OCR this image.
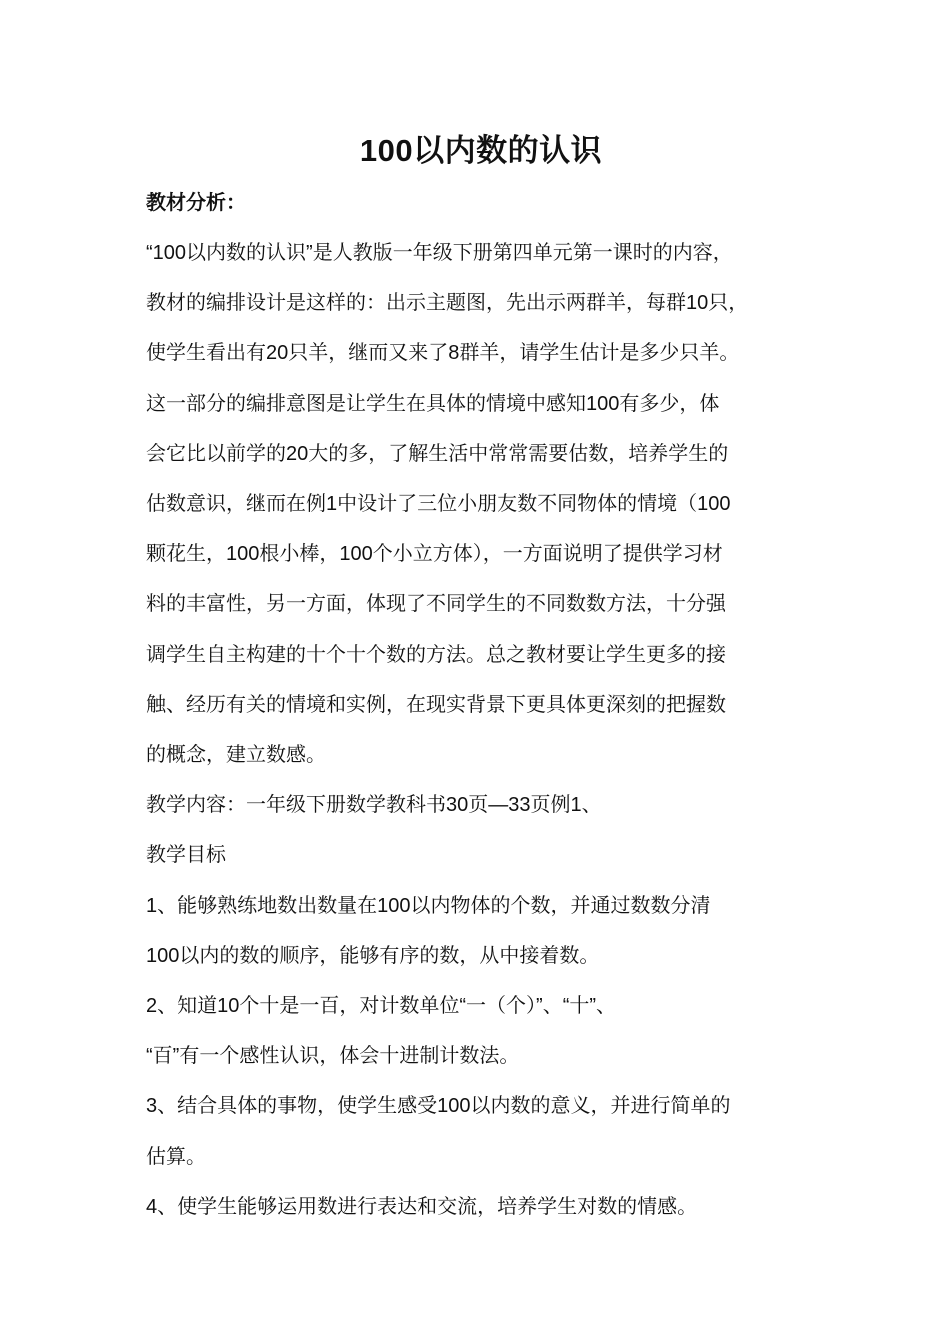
100以内数的认识
教材分析：
“100以内数的认识”是人教版一年级下册第四单元第一课时的内容，
教材的编排设计是这样的：出示主题图，先出示两群羊，每群10只，
使学生看出有20只羊，继而又来了8群羊，请学生估计是多少只羊。
这一部分的编排意图是让学生在具体的情境中感知100有多少，体
会它比以前学的20大的多，了解生活中常常需要估数，培养学生的
估数意识，继而在例1中设计了三位小朋友数不同物体的情境（100
颗花生，100根小棒，100个小立方体），一方面说明了提供学习材
料的丰富性，另一方面，体现了不同学生的不同数数方法，十分强
调学生自主构建的十个十个数的方法。总之教材要让学生更多的接
触、经历有关的情境和实例，在现实背景下更具体更深刻的把握数
的概念，建立数感。
教学内容：一年级下册数学教科书30页—33页例1、
教学目标
1、能够熟练地数出数量在100以内物体的个数，并通过数数分清
100以内的数的顺序，能够有序的数，从中接着数。
2、知道10个十是一百，对计数单位“一（个）”、“十”、
“百”有一个感性认识，体会十进制计数法。
3、结合具体的事物，使学生感受100以内数的意义，并进行简单的
估算。
4、使学生能够运用数进行表达和交流，培养学生对数的情感。
